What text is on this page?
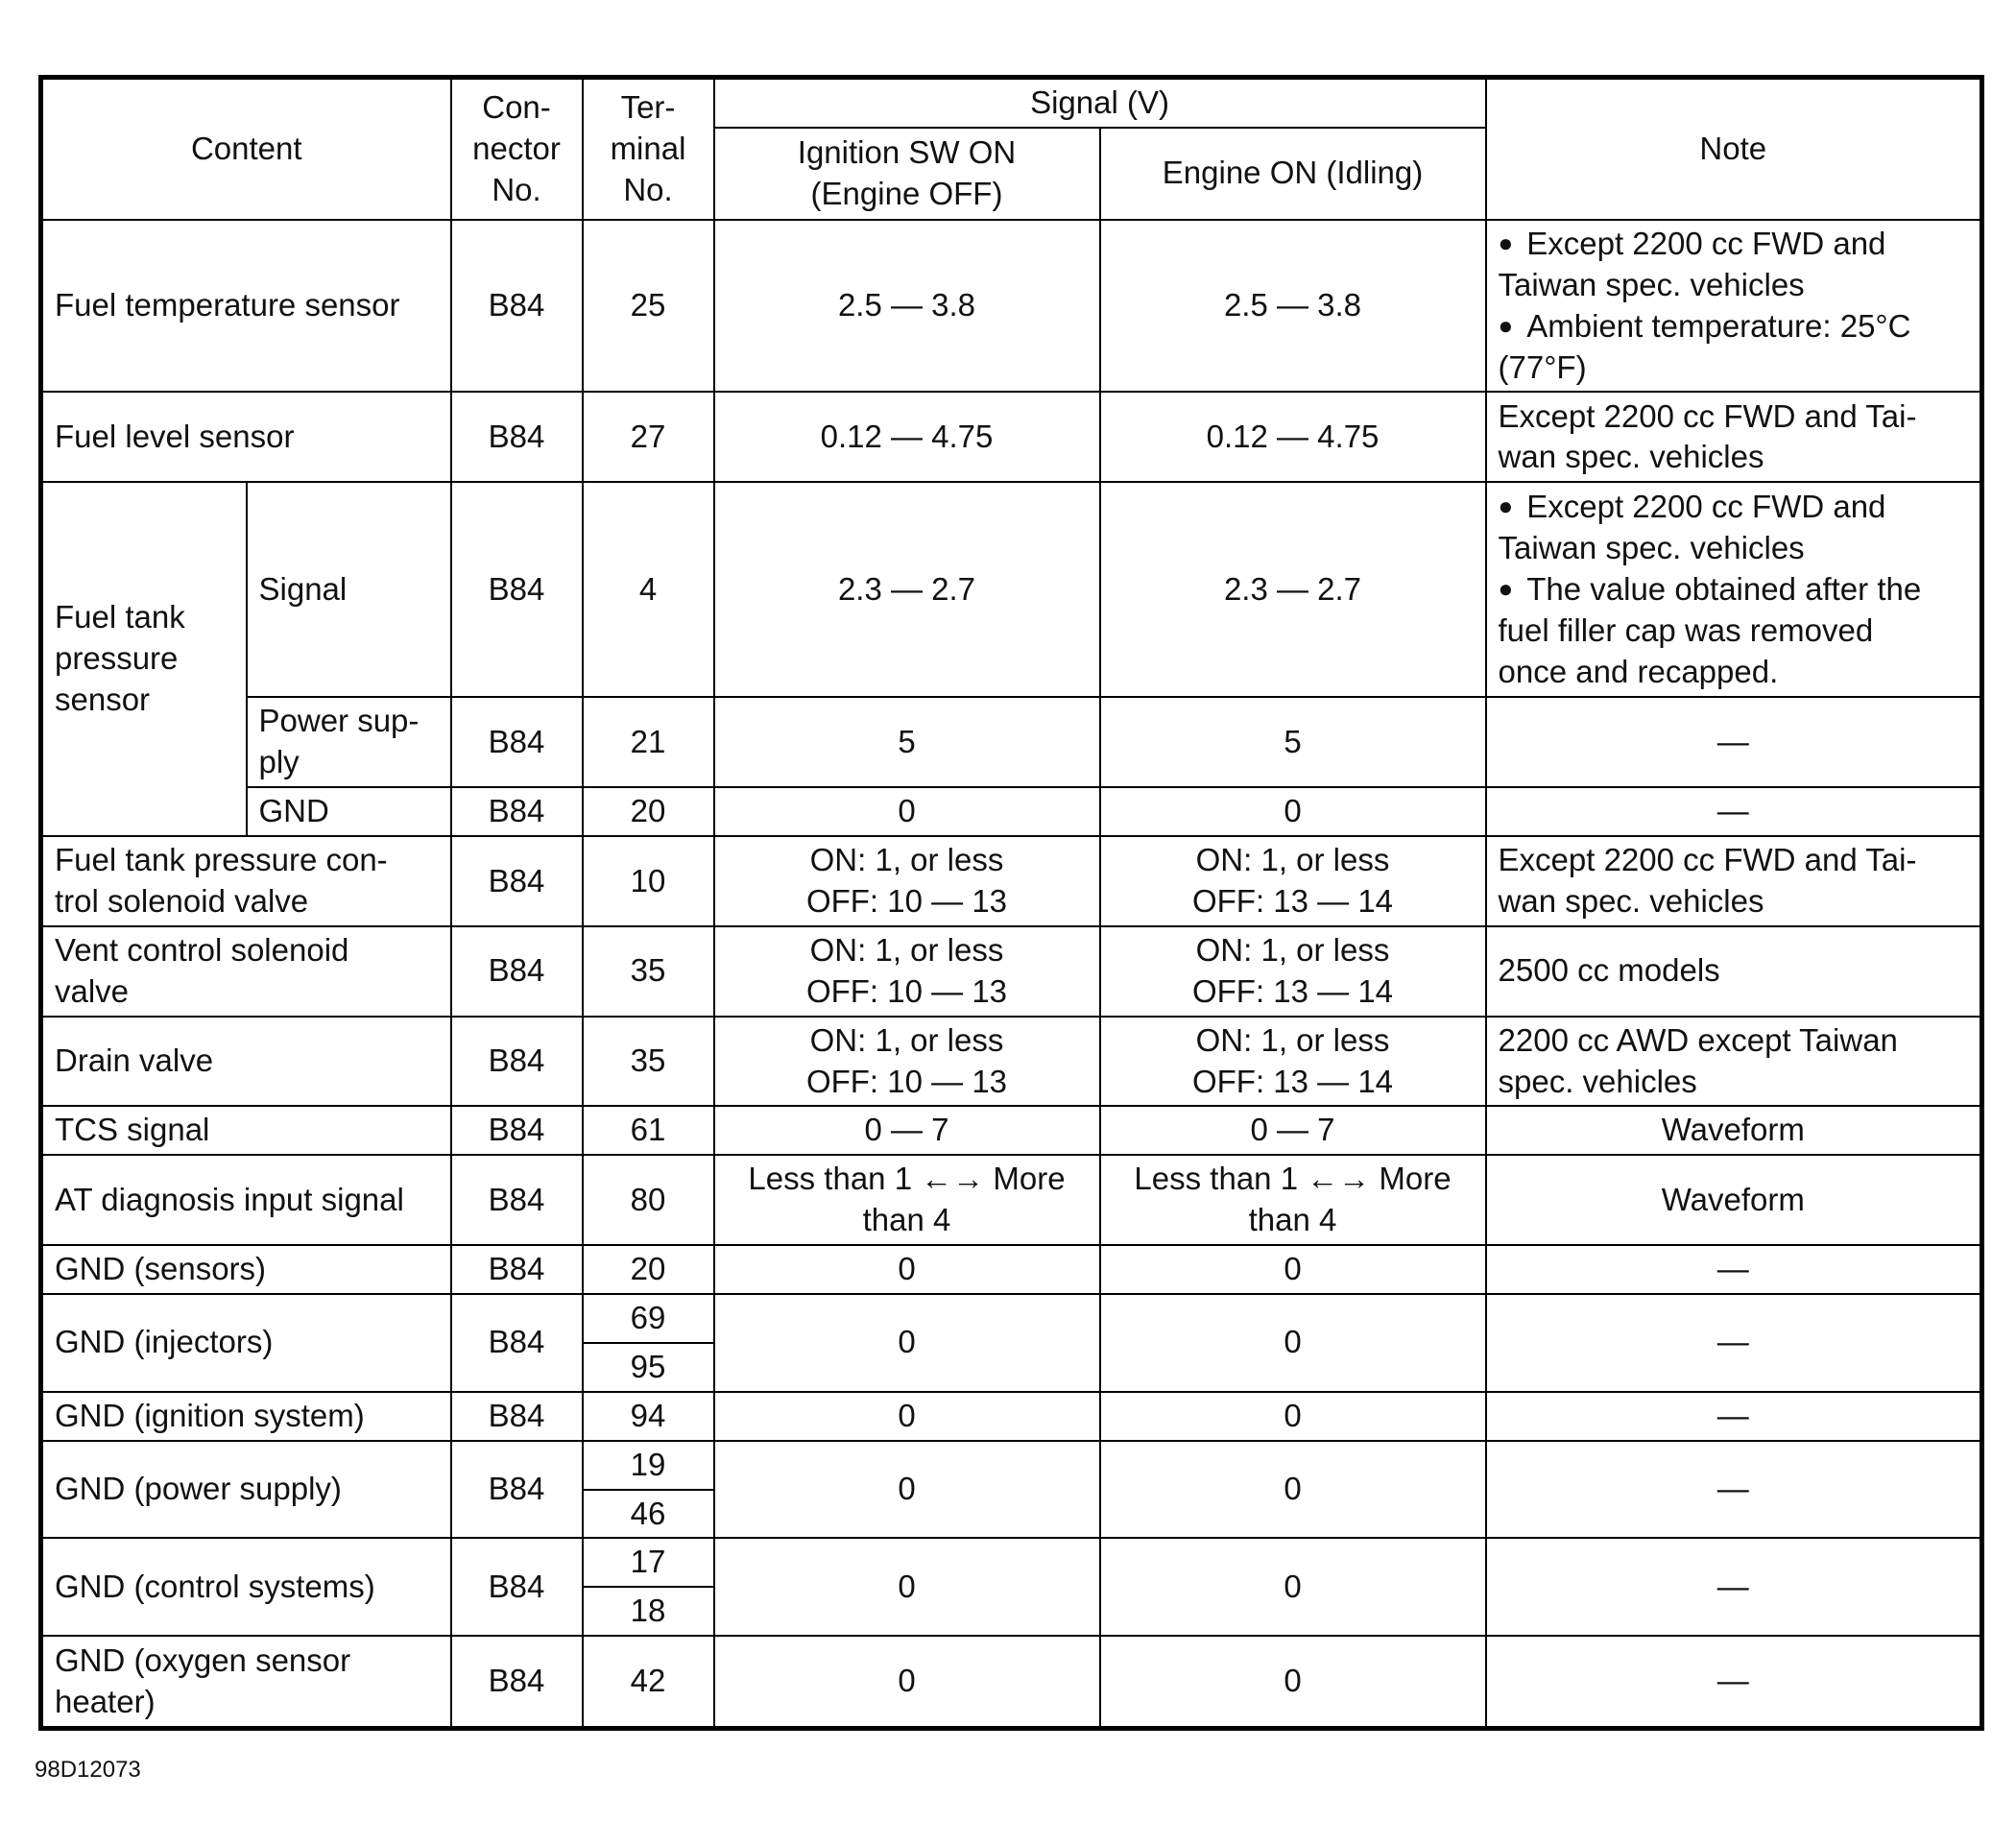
Content		Con-
nector
No.	Ter-
minal
No.	Signal (V)		Note

				Ignition SW ON
(Engine OFF)	Engine ON (Idling)	
Fuel temperature sensor		B84	25	2.5 — 3.8	2.5 — 3.8	● Except 2200 cc FWD and
Taiwan spec. vehicles
● Ambient temperature: 25°C
(77°F)

Fuel level sensor		B84	27	0.12 — 4.75	0.12 — 4.75	Except 2200 cc FWD and Tai-
wan spec. vehicles

Fuel tank
pressure
sensor	Signal	B84	4	2.3 — 2.7	2.3 — 2.7	● Except 2200 cc FWD and
Taiwan spec. vehicles
● The value obtained after the
fuel filler cap was removed
once and recapped.

	Power sup-
ply	B84	21	5	5	—
	GND	B84	20	0	0	—

Fuel tank pressure con-
trol solenoid valve		B84	10	ON: 1, or less
OFF: 10 — 13	ON: 1, or less
OFF: 13 — 14	Except 2200 cc FWD and Tai-
wan spec. vehicles

Vent control solenoid
valve		B84	35	ON: 1, or less
OFF: 10 — 13	ON: 1, or less
OFF: 13 — 14	2500 cc models
Drain valve		B84	35	ON: 1, or less
OFF: 10 — 13	ON: 1, or less
OFF: 13 — 14	2200 cc AWD except Taiwan
spec. vehicles

TCS signal		B84	61	0 — 7	0 — 7	Waveform
AT diagnosis input signal		B84	80	Less than 1 ←→ More
than 4	Less than 1 ←→ More
than 4	Waveform
GND (sensors)		B84	20	0	0	—
GND (injectors)		B84	69	0	0	—
			95			
GND (ignition system)		B84	94	0	0	—
GND (power supply)		B84	19	0	0	—
			46			
GND (control systems)		B84	17	0	0	—
			18			

GND (oxygen sensor
heater)		B84	42	0	0	—
98D12073
